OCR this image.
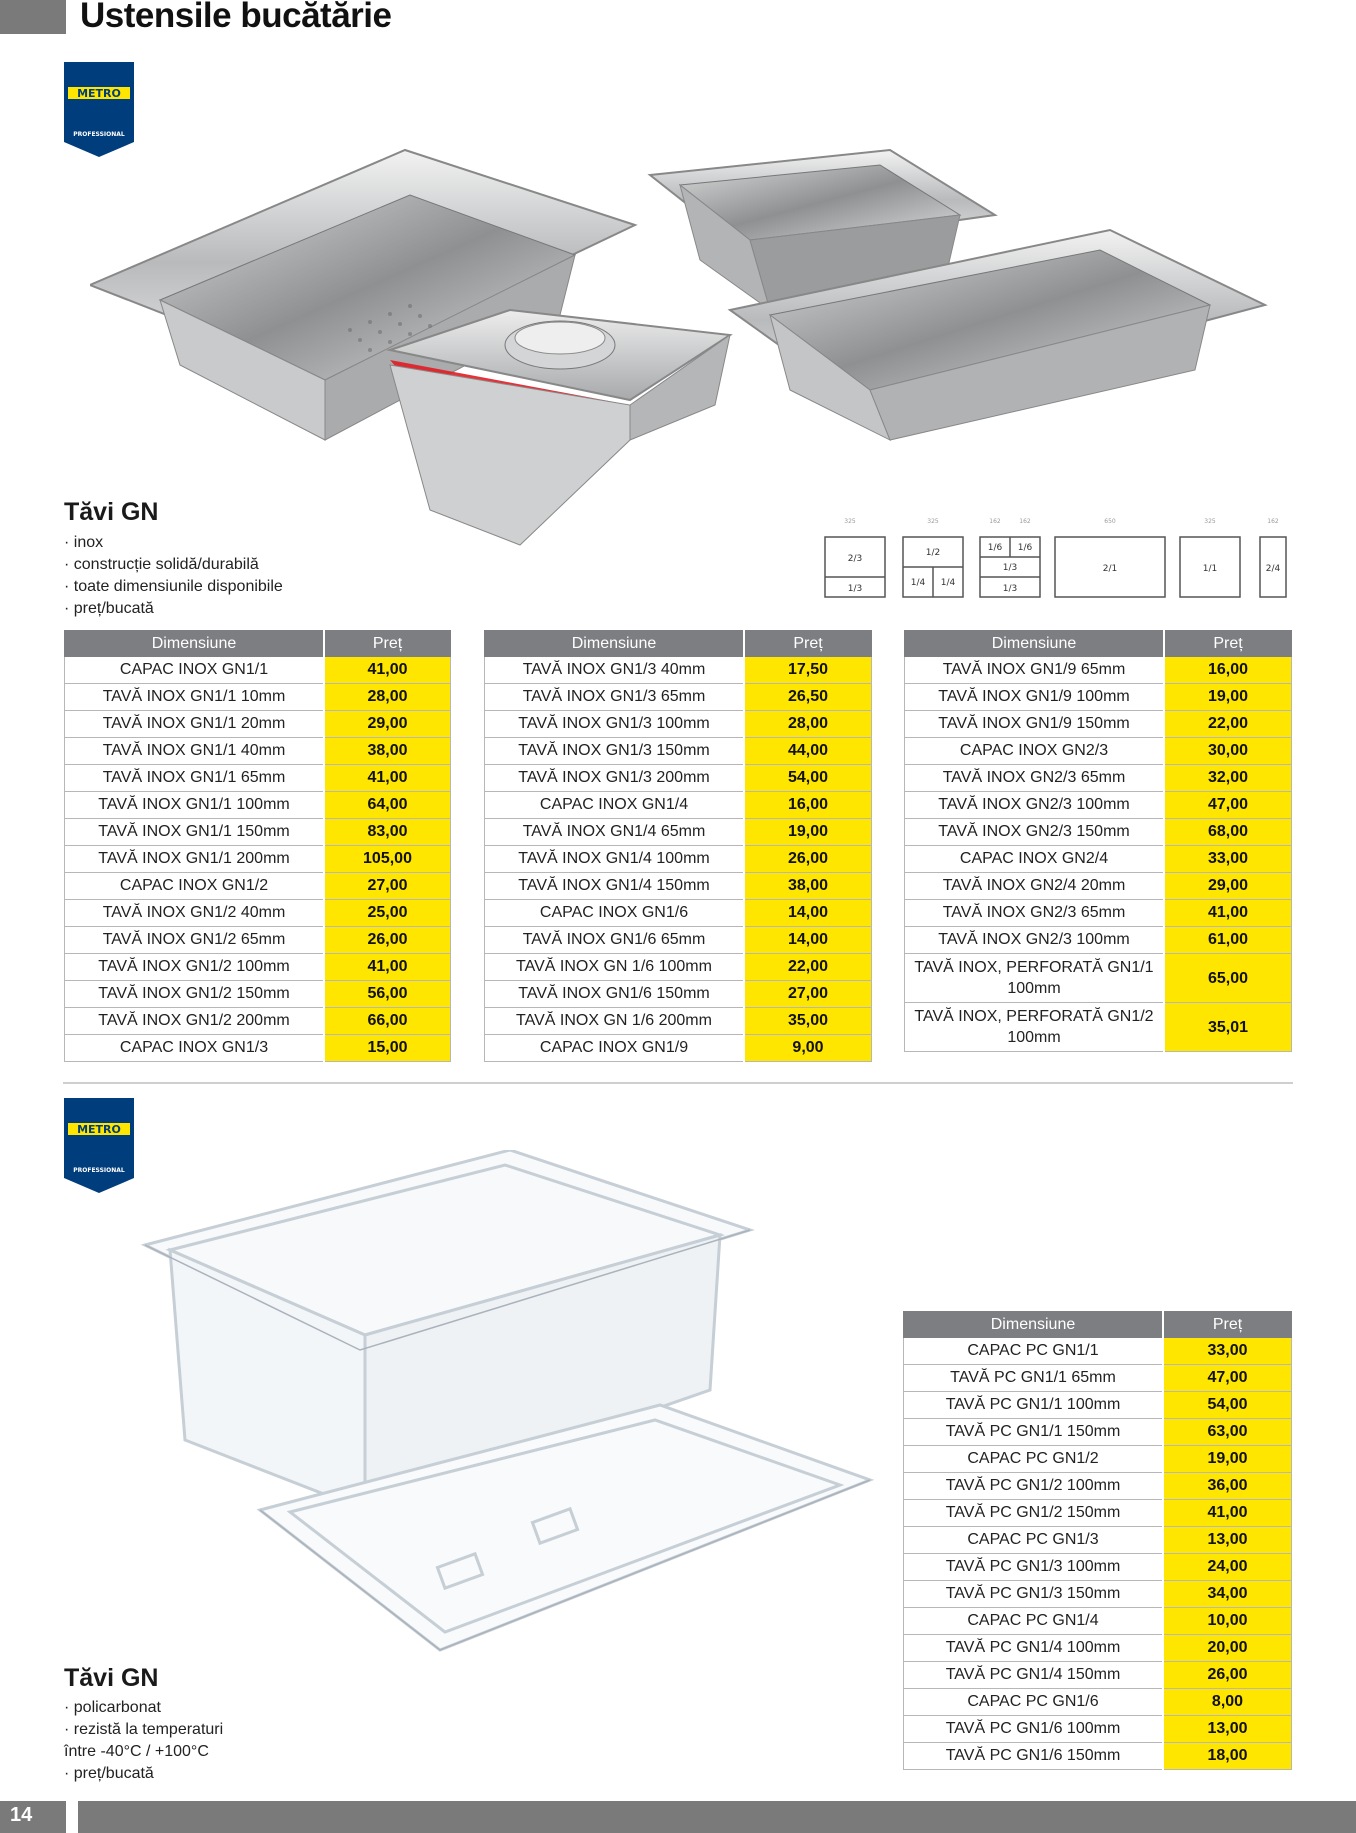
Ustensile bucătărie
METRO
PROFESSIONAL
Tăvi GN
· inox
· construcție solidă/durabilă
· toate dimensiunile disponibile
· preț/bucată
325	325	162	162	650	325	162
2/3
1/3
1/2
1/4 1/4
1/6 1/6
1/3
1/3
2/1	1/1	2/4
Dimensiune	Preț
CAPAC INOX GN1/1	41,00
TAVĂ INOX GN1/1 10mm	28,00
TAVĂ INOX GN1/1 20mm	29,00
TAVĂ INOX GN1/1 40mm	38,00
TAVĂ INOX GN1/1 65mm	41,00
TAVĂ INOX GN1/1 100mm	64,00
TAVĂ INOX GN1/1 150mm	83,00
TAVĂ INOX GN1/1 200mm	105,00
CAPAC INOX GN1/2	27,00
TAVĂ INOX GN1/2 40mm	25,00
TAVĂ INOX GN1/2 65mm	26,00
TAVĂ INOX GN1/2 100mm	41,00
TAVĂ INOX GN1/2 150mm	56,00
TAVĂ INOX GN1/2 200mm	66,00
CAPAC INOX GN1/3	15,00
Dimensiune	Preț
TAVĂ INOX GN1/3 40mm	17,50
TAVĂ INOX GN1/3 65mm	26,50
TAVĂ INOX GN1/3 100mm	28,00
TAVĂ INOX GN1/3 150mm	44,00
TAVĂ INOX GN1/3 200mm	54,00
CAPAC INOX GN1/4	16,00
TAVĂ INOX GN1/4 65mm	19,00
TAVĂ INOX GN1/4 100mm	26,00
TAVĂ INOX GN1/4 150mm	38,00
CAPAC INOX GN1/6	14,00
TAVĂ INOX GN1/6 65mm	14,00
TAVĂ INOX GN 1/6 100mm	22,00
TAVĂ INOX GN1/6 150mm	27,00
TAVĂ INOX GN 1/6 200mm	35,00
CAPAC INOX GN1/9	9,00
Dimensiune	Preț
TAVĂ INOX GN1/9 65mm	16,00
TAVĂ INOX GN1/9 100mm	19,00
TAVĂ INOX GN1/9 150mm	22,00
CAPAC INOX GN2/3	30,00
TAVĂ INOX GN2/3 65mm	32,00
TAVĂ INOX GN2/3 100mm	47,00
TAVĂ INOX GN2/3 150mm	68,00
CAPAC INOX GN2/4	33,00
TAVĂ INOX GN2/4 20mm	29,00
TAVĂ INOX GN2/3 65mm	41,00
TAVĂ INOX GN2/3 100mm	61,00
TAVĂ INOX, PERFORATĂ GN1/1 100mm	65,00
TAVĂ INOX, PERFORATĂ GN1/2 100mm	35,01
METRO
PROFESSIONAL
Tăvi GN
· policarbonat
· rezistă la temperaturi
între -40°C / +100°C
· preț/bucată
Dimensiune	Preț
CAPAC PC GN1/1	33,00
TAVĂ PC GN1/1 65mm	47,00
TAVĂ PC GN1/1 100mm	54,00
TAVĂ PC GN1/1 150mm	63,00
CAPAC PC GN1/2	19,00
TAVĂ PC GN1/2 100mm	36,00
TAVĂ PC GN1/2 150mm	41,00
CAPAC PC GN1/3	13,00
TAVĂ PC GN1/3 100mm	24,00
TAVĂ PC GN1/3 150mm	34,00
CAPAC PC GN1/4	10,00
TAVĂ PC GN1/4 100mm	20,00
TAVĂ PC GN1/4 150mm	26,00
CAPAC PC GN1/6	8,00
TAVĂ PC GN1/6 100mm	13,00
TAVĂ PC GN1/6 150mm	18,00
14
